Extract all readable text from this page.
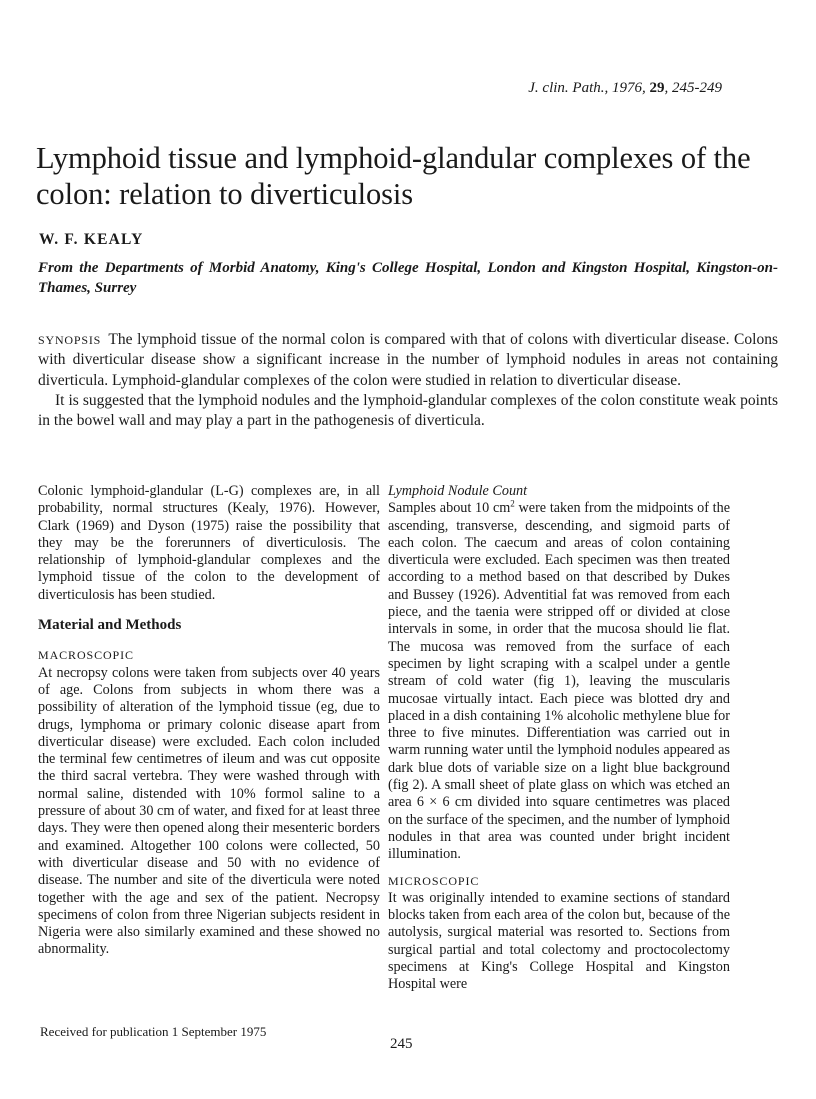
J. clin. Path., 1976, 29, 245-249
Lymphoid tissue and lymphoid-glandular complexes of the colon: relation to diverticulosis
W. F. KEALY
From the Departments of Morbid Anatomy, King's College Hospital, London and Kingston Hospital, Kingston-on-Thames, Surrey

SYNOPSIS The lymphoid tissue of the normal colon is compared with that of colons with diverticular disease. Colons with diverticular disease show a significant increase in the number of lymphoid nodules in areas not containing diverticula. Lymphoid-glandular complexes of the colon were studied in relation to diverticular disease.

It is suggested that the lymphoid nodules and the lymphoid-glandular complexes of the colon constitute weak points in the bowel wall and may play a part in the pathogenesis of diverticula.

Colonic lymphoid-glandular (L-G) complexes are, in all probability, normal structures (Kealy, 1976). However, Clark (1969) and Dyson (1975) raise the possibility that they may be the forerunners of diverticulosis. The relationship of lymphoid-glandular complexes and the lymphoid tissue of the colon to the development of diverticulosis has been studied.

Material and Methods

MACROSCOPIC

At necropsy colons were taken from subjects over 40 years of age. Colons from subjects in whom there was a possibility of alteration of the lymphoid tissue (eg, due to drugs, lymphoma or primary colonic disease apart from diverticular disease) were excluded. Each colon included the terminal few centimetres of ileum and was cut opposite the third sacral vertebra. They were washed through with normal saline, distended with 10% formol saline to a pressure of about 30 cm of water, and fixed for at least three days. They were then opened along their mesenteric borders and examined. Altogether 100 colons were collected, 50 with diverticular disease and 50 with no evidence of disease. The number and site of the diverticula were noted together with the age and sex of the patient. Necropsy specimens of colon from three Nigerian subjects resident in Nigeria were also similarly examined and these showed no abnormality.

Received for publication 1 September 1975

Lymphoid Nodule Count

Samples about 10 $cm^2$ were taken from the midpoints of the ascending, transverse, descending, and sigmoid parts of each colon. The caecum and areas of colon containing diverticula were excluded. Each specimen was then treated according to a method based on that described by Dukes and Bussey (1926). Adventitial fat was removed from each piece, and the taenia were stripped off or divided at close intervals in some, in order that the mucosa should lie flat. The mucosa was removed from the surface of each specimen by light scraping with a scalpel under a gentle stream of cold water (fig 1), leaving the muscularis mucosae virtually intact. Each piece was blotted dry and placed in a dish containing 1% alcoholic methylene blue for three to five minutes. Differentiation was carried out in warm running water until the lymphoid nodules appeared as dark blue dots of variable size on a light blue background (fig 2). A small sheet of plate glass on which was etched an area 6 × 6 cm divided into square centimetres was placed on the surface of the specimen, and the number of lymphoid nodules in that area was counted under bright incident illumination.

MICROSCOPIC

It was originally intended to examine sections of standard blocks taken from each area of the colon but, because of the autolysis, surgical material was resorted to. Sections from surgical partial and total colectomy and proctocolectomy specimens at King's College Hospital and Kingston Hospital were

245
